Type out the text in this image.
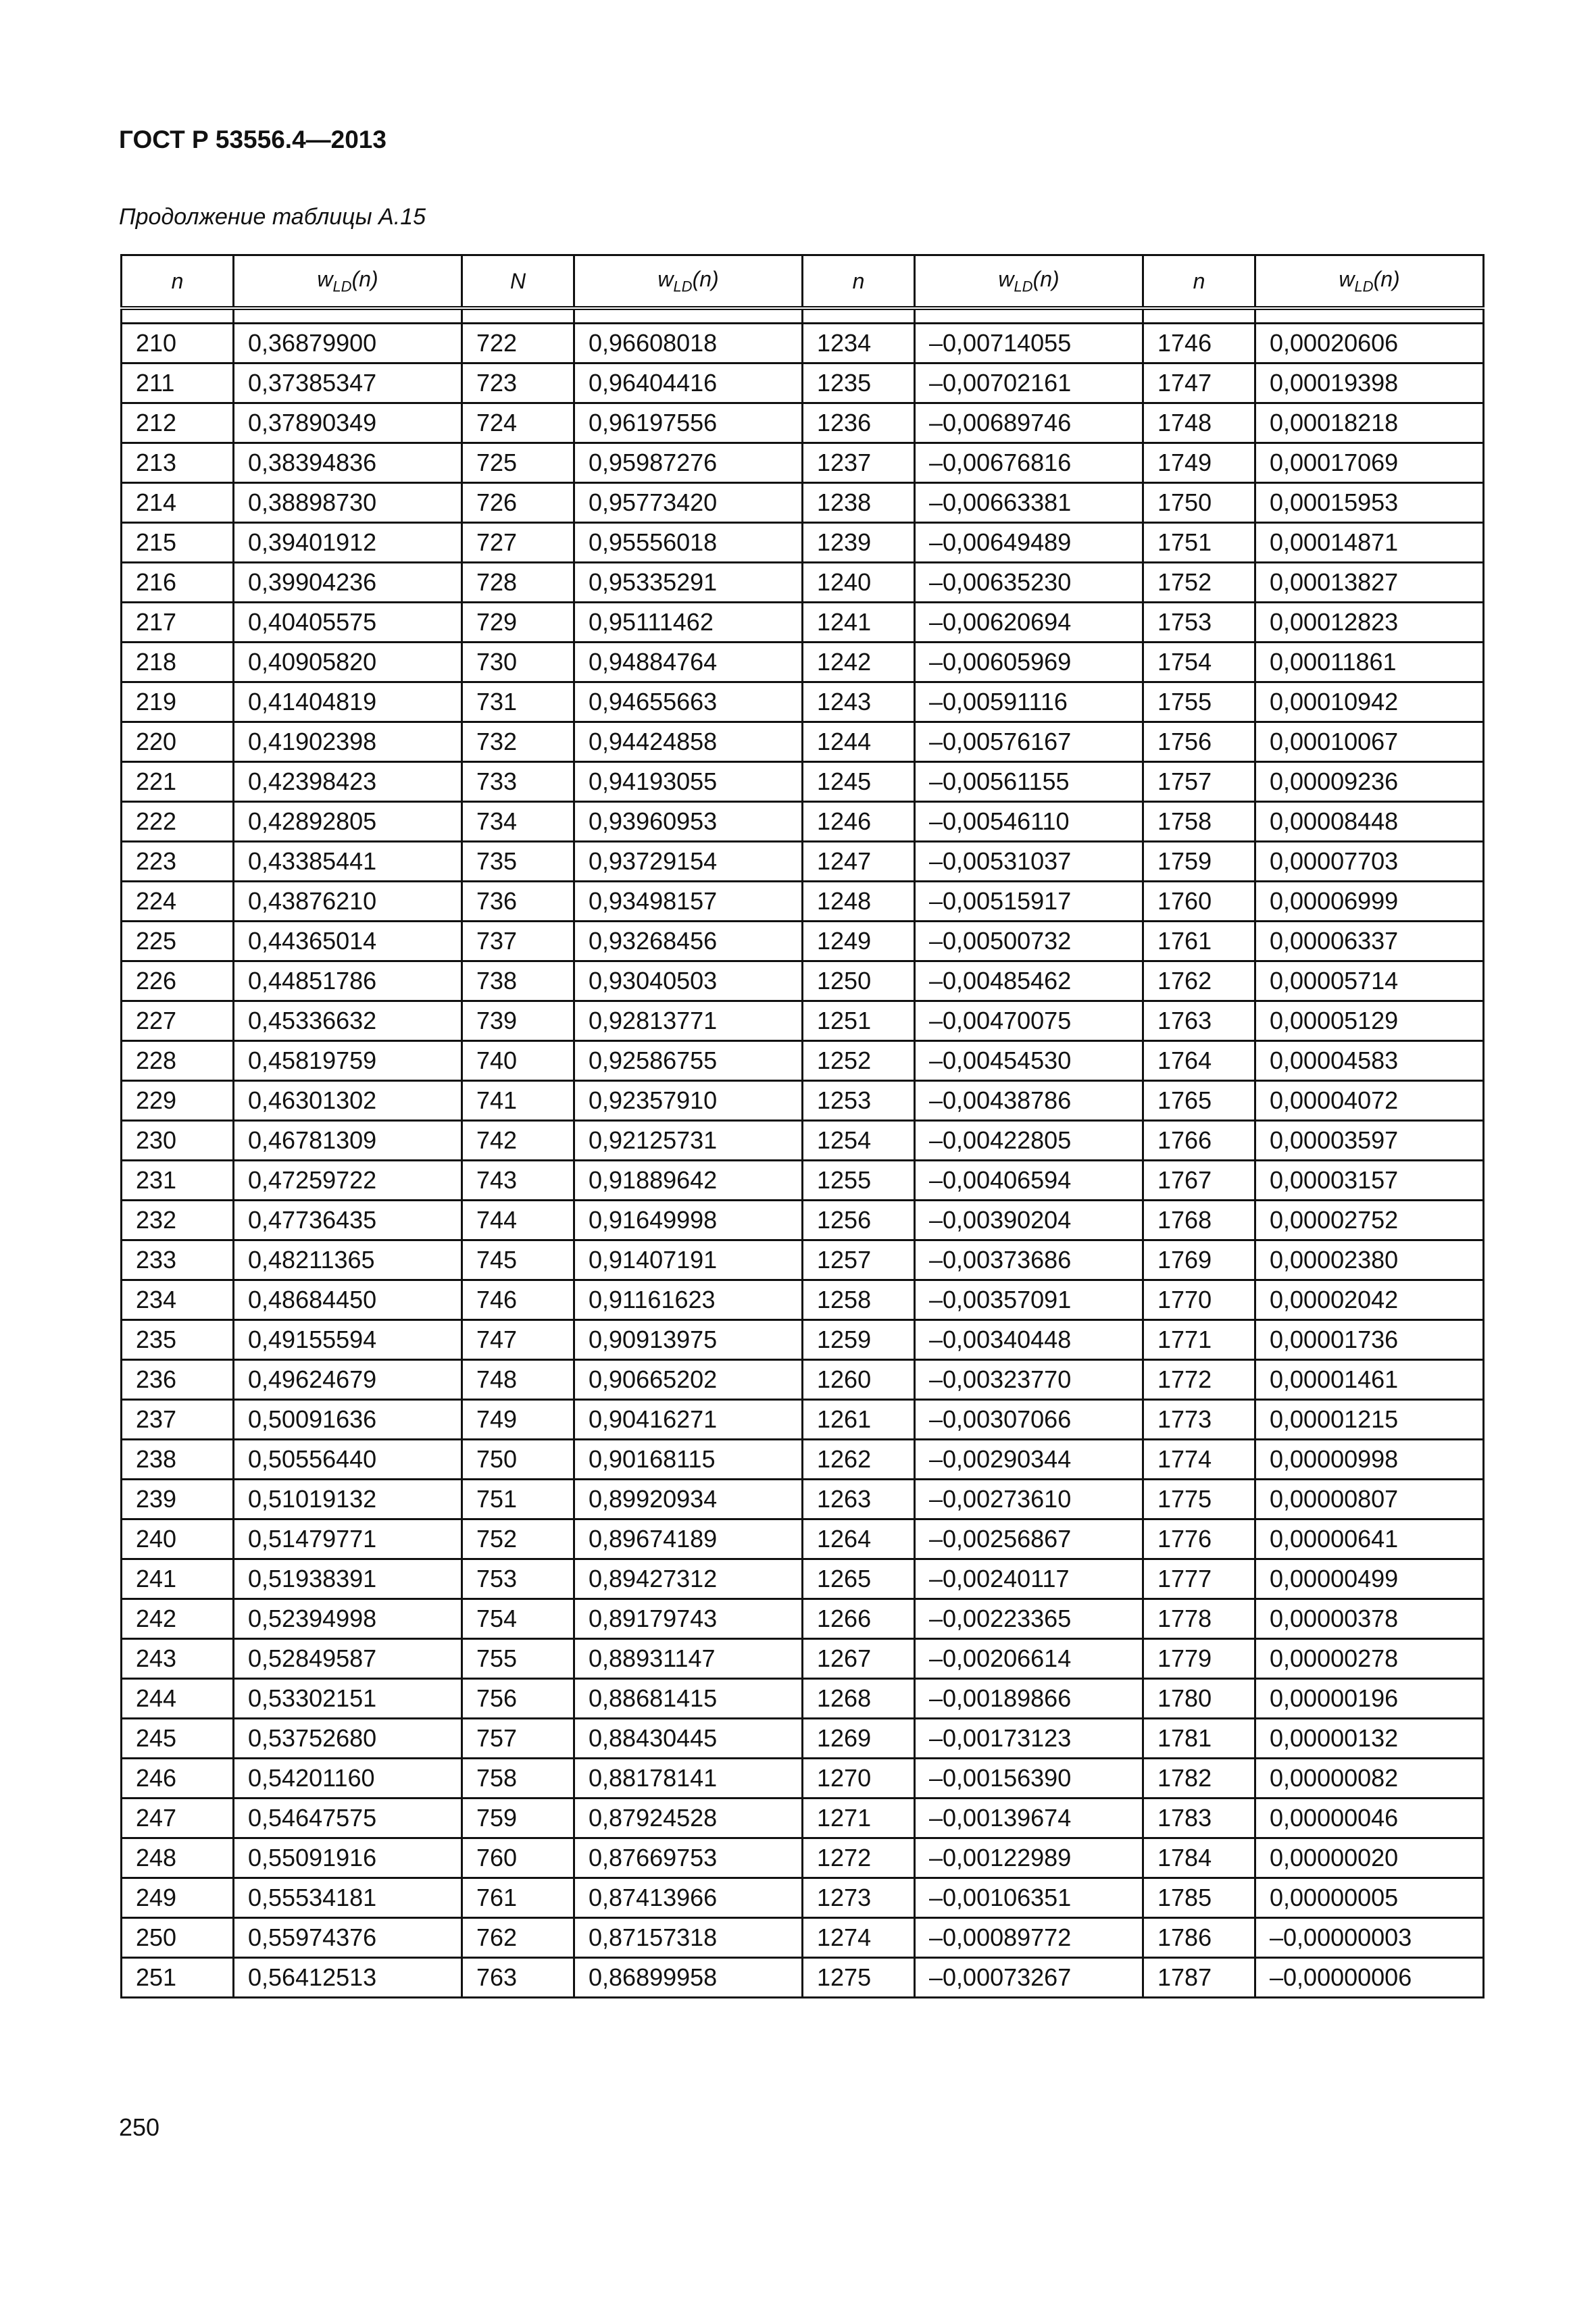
ГОСТ Р 53556.4—2013
Продолжение таблицы А.15
n	$w_{LD}(n)$	N	$w_{LD}(n)$	n	$w_{LD}(n)$	n	$w_{LD}(n)$

210	0,36879900	722	0,96608018	1234	–0,00714055	1746	0,00020606
211	0,37385347	723	0,96404416	1235	–0,00702161	1747	0,00019398
212	0,37890349	724	0,96197556	1236	–0,00689746	1748	0,00018218
213	0,38394836	725	0,95987276	1237	–0,00676816	1749	0,00017069
214	0,38898730	726	0,95773420	1238	–0,00663381	1750	0,00015953
215	0,39401912	727	0,95556018	1239	–0,00649489	1751	0,00014871
216	0,39904236	728	0,95335291	1240	–0,00635230	1752	0,00013827
217	0,40405575	729	0,95111462	1241	–0,00620694	1753	0,00012823
218	0,40905820	730	0,94884764	1242	–0,00605969	1754	0,00011861
219	0,41404819	731	0,94655663	1243	–0,00591116	1755	0,00010942
220	0,41902398	732	0,94424858	1244	–0,00576167	1756	0,00010067
221	0,42398423	733	0,94193055	1245	–0,00561155	1757	0,00009236
222	0,42892805	734	0,93960953	1246	–0,00546110	1758	0,00008448
223	0,43385441	735	0,93729154	1247	–0,00531037	1759	0,00007703
224	0,43876210	736	0,93498157	1248	–0,00515917	1760	0,00006999
225	0,44365014	737	0,93268456	1249	–0,00500732	1761	0,00006337
226	0,44851786	738	0,93040503	1250	–0,00485462	1762	0,00005714
227	0,45336632	739	0,92813771	1251	–0,00470075	1763	0,00005129
228	0,45819759	740	0,92586755	1252	–0,00454530	1764	0,00004583
229	0,46301302	741	0,92357910	1253	–0,00438786	1765	0,00004072
230	0,46781309	742	0,92125731	1254	–0,00422805	1766	0,00003597
231	0,47259722	743	0,91889642	1255	–0,00406594	1767	0,00003157
232	0,47736435	744	0,91649998	1256	–0,00390204	1768	0,00002752
233	0,48211365	745	0,91407191	1257	–0,00373686	1769	0,00002380
234	0,48684450	746	0,91161623	1258	–0,00357091	1770	0,00002042
235	0,49155594	747	0,90913975	1259	–0,00340448	1771	0,00001736
236	0,49624679	748	0,90665202	1260	–0,00323770	1772	0,00001461
237	0,50091636	749	0,90416271	1261	–0,00307066	1773	0,00001215
238	0,50556440	750	0,90168115	1262	–0,00290344	1774	0,00000998
239	0,51019132	751	0,89920934	1263	–0,00273610	1775	0,00000807
240	0,51479771	752	0,89674189	1264	–0,00256867	1776	0,00000641
241	0,51938391	753	0,89427312	1265	–0,00240117	1777	0,00000499
242	0,52394998	754	0,89179743	1266	–0,00223365	1778	0,00000378
243	0,52849587	755	0,88931147	1267	–0,00206614	1779	0,00000278
244	0,53302151	756	0,88681415	1268	–0,00189866	1780	0,00000196
245	0,53752680	757	0,88430445	1269	–0,00173123	1781	0,00000132
246	0,54201160	758	0,88178141	1270	–0,00156390	1782	0,00000082
247	0,54647575	759	0,87924528	1271	–0,00139674	1783	0,00000046
248	0,55091916	760	0,87669753	1272	–0,00122989	1784	0,00000020
249	0,55534181	761	0,87413966	1273	–0,00106351	1785	0,00000005
250	0,55974376	762	0,87157318	1274	–0,00089772	1786	–0,00000003
251	0,56412513	763	0,86899958	1275	–0,00073267	1787	–0,00000006
250
